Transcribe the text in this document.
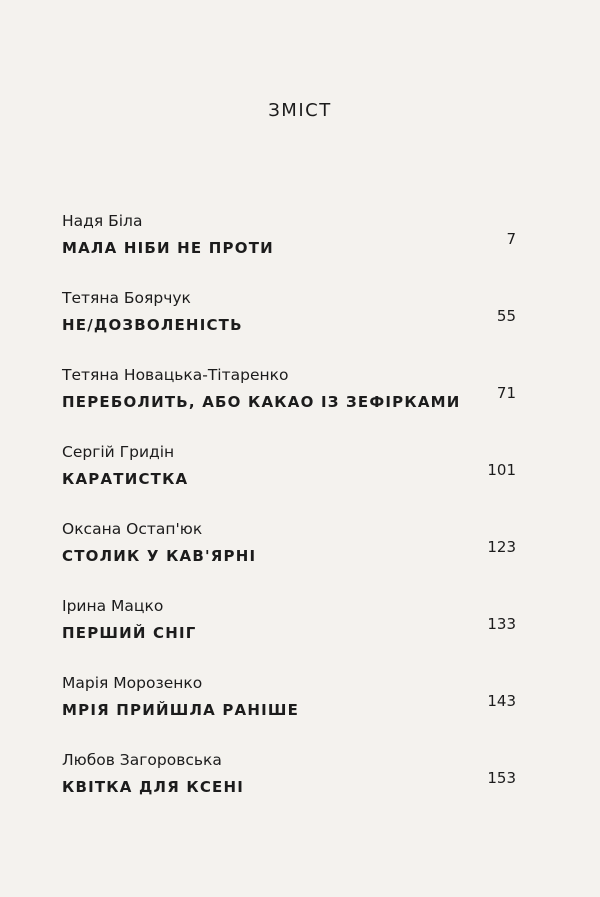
ЗМІСТ
Надя Біла
МАЛА НІБИ НЕ ПРОТИ	7
Тетяна Боярчук
НЕ/ДОЗВОЛЕНІСТЬ	55
Тетяна Новацька-Тітаренко
ПЕРЕБОЛИТЬ, АБО КАКАО ІЗ ЗЕФІРКАМИ	71
Сергій Гридін
КАРАТИСТКА	101
Оксана Остап'юк
СТОЛИК У КАВ'ЯРНІ	123
Ірина Мацко
ПЕРШИЙ СНІГ	133
Марія Морозенко
МРІЯ ПРИЙШЛА РАНІШЕ	143
Любов Загоровська
КВІТКА ДЛЯ КСЕНІ	153
